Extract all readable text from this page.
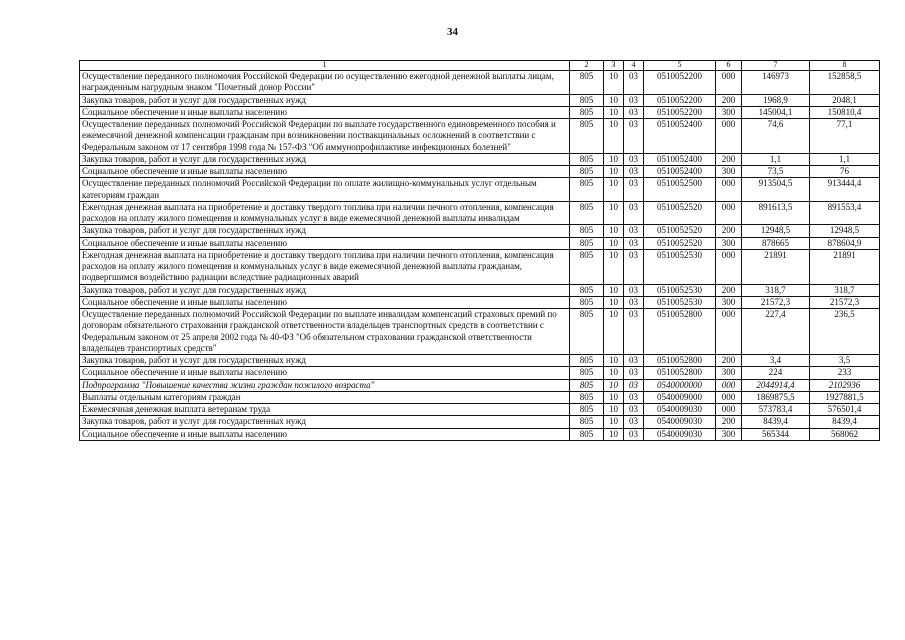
34
1	2	3	4	5	6	7	8
Осуществление переданного полномочия Российской Федерации по осуществлению ежегодной денежной выплаты лицам, награжденным нагрудным знаком "Почетный донор России"	805	10	03	0510052200	000	146973	152858,5
Закупка товаров, работ и услуг для государственных нужд	805	10	03	0510052200	200	1968,9	2048,1
Социальное обеспечение и иные выплаты населению	805	10	03	0510052200	300	145004,1	150810,4
Осуществление переданных полномочий Российской Федерации по выплате государственного единовременного пособия и ежемесячной денежной компенсации гражданам при возникновении поствакцинальных осложнений в соответствии с Федеральным законом от 17 сентября 1998 года № 157-ФЗ "Об иммунопрофилактике инфекционных болезней"	805	10	03	0510052400	000	74,6	77,1
Закупка товаров, работ и услуг для государственных нужд	805	10	03	0510052400	200	1,1	1,1
Социальное обеспечение и иные выплаты населению	805	10	03	0510052400	300	73,5	76
Осуществление переданных полномочий Российской Федерации по оплате жилищно-коммунальных услуг отдельным категориям граждан	805	10	03	0510052500	000	913504,5	913444,4
Ежегодная денежная выплата на приобретение и доставку твердого топлива при наличии печного отопления, компенсация расходов на оплату жилого помещения и коммунальных услуг в виде ежемесячной денежной выплаты инвалидам	805	10	03	0510052520	000	891613,5	891553,4
Закупка товаров, работ и услуг для государственных нужд	805	10	03	0510052520	200	12948,5	12948,5
Социальное обеспечение и иные выплаты населению	805	10	03	0510052520	300	878665	878604,9
Ежегодная денежная выплата на приобретение и доставку твердого топлива при наличии печного отопления, компенсация расходов на оплату жилого помещения и коммунальных услуг в виде ежемесячной денежной выплаты гражданам, подвергшимся воздействию радиации вследствие радиационных аварий	805	10	03	0510052530	000	21891	21891
Закупка товаров, работ и услуг для государственных нужд	805	10	03	0510052530	200	318,7	318,7
Социальное обеспечение и иные выплаты населению	805	10	03	0510052530	300	21572,3	21572,3
Осуществление переданных полномочий Российской Федерации по выплате инвалидам компенсаций страховых премий по договорам обязательного страхования гражданской ответственности владельцев транспортных средств в соответствии с Федеральным законом от 25 апреля 2002 года № 40-ФЗ "Об обязательном страховании гражданской ответственности владельцев транспортных средств"	805	10	03	0510052800	000	227,4	236,5
Закупка товаров, работ и услуг для государственных нужд	805	10	03	0510052800	200	3,4	3,5
Социальное обеспечение и иные выплаты населению	805	10	03	0510052800	300	224	233
Подпрограмма "Повышение качества жизни граждан пожилого возраста"	805	10	03	0540000000	000	2044914,4	2102936
Выплаты отдельным категориям граждан	805	10	03	0540009000	000	1869875,5	1927881,5
Ежемесячная денежная выплата ветеранам труда	805	10	03	0540009030	000	573783,4	576501,4
Закупка товаров, работ и услуг для государственных нужд	805	10	03	0540009030	200	8439,4	8439,4
Социальное обеспечение и иные выплаты населению	805	10	03	0540009030	300	565344	568062
